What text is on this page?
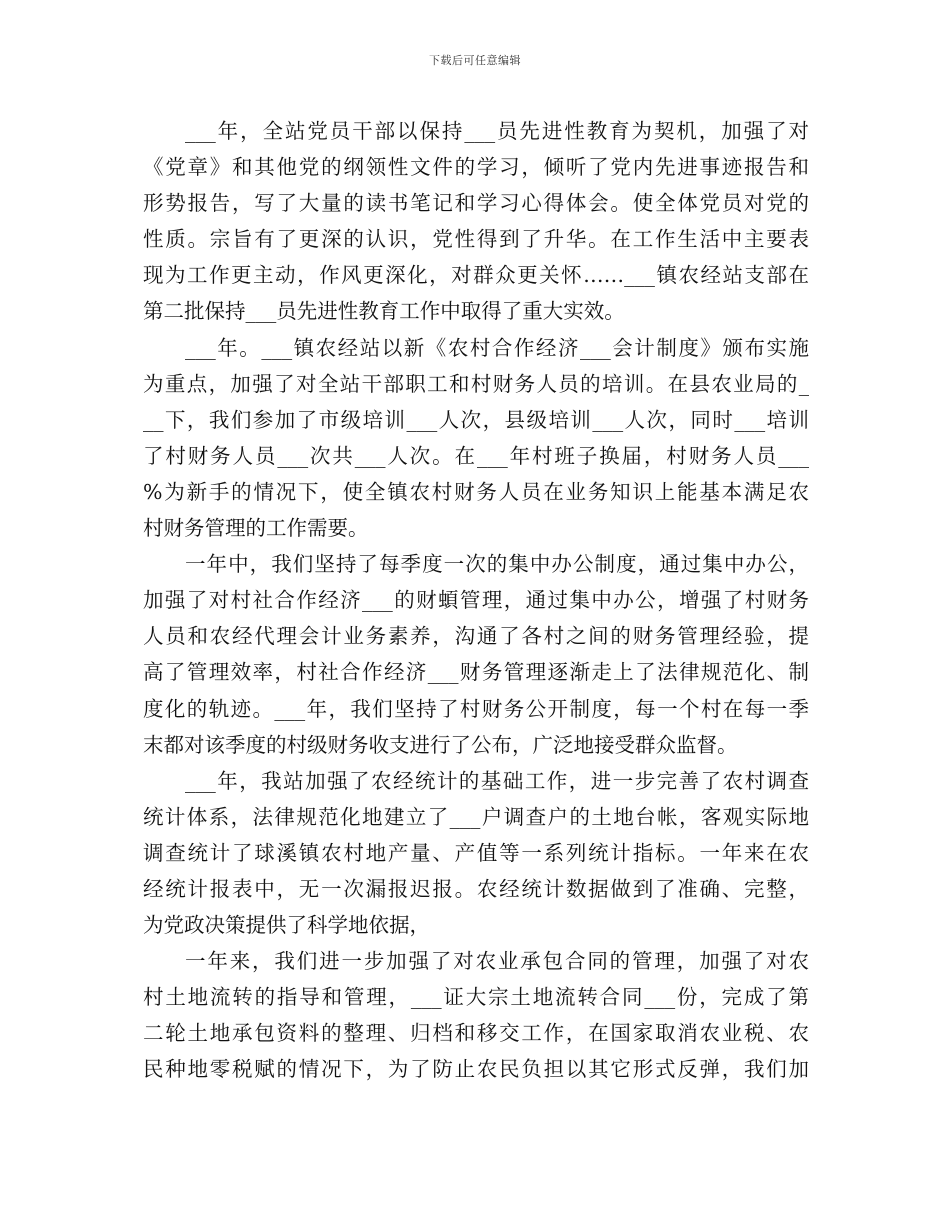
下载后可任意编辑
___年，全站党员干部以保持___员先进性教育为契机，加强了对
《党章》和其他党的纲领性文件的学习，倾听了党内先进事迹报告和
形势报告，写了大量的读书笔记和学习心得体会。使全体党员对党的
性质。宗旨有了更深的认识，党性得到了升华。在工作生活中主要表
现为工作更主动，作风更深化，对群众更关怀……___镇农经站支部在
第二批保持___员先进性教育工作中取得了重大实效。
___年。___镇农经站以新《农村合作经济___会计制度》颁布实施
为重点，加强了对全站干部职工和村财务人员的培训。在县农业局的_
__下，我们参加了市级培训___人次，县级培训___人次，同时___培训
了村财务人员___次共___人次。在___年村班子换届，村财务人员___
%为新手的情况下，使全镇农村财务人员在业务知识上能基本满足农
村财务管理的工作需要。
一年中，我们坚持了每季度一次的集中办公制度，通过集中办公，
加强了对村社合作经济___的财蝢管理，通过集中办公，增强了村财务
人员和农经代理会计业务素养，沟通了各村之间的财务管理经验，提
高了管理效率，村社合作经济___财务管理逐渐走上了法律规范化、制
度化的轨迹。___年，我们坚持了村财务公开制度，每一个村在每一季
末都对该季度的村级财务收支进行了公布，广泛地接受群众监督。
___年，我站加强了农经统计的基础工作，进一步完善了农村调查
统计体系，法律规范化地建立了___户调查户的土地台帐，客观实际地
调查统计了球溪镇农村地产量、产值等一系列统计指标。一年来在农
经统计报表中，无一次漏报迟报。农经统计数据做到了准确、完整，
为党政决策提供了科学地依据，
一年来，我们进一步加强了对农业承包合同的管理，加强了对农
村土地流转的指导和管理，___证大宗土地流转合同___份，完成了第
二轮土地承包资料的整理、归档和移交工作，在国家取消农业税、农
民种地零税赋的情况下，为了防止农民负担以其它形式反弹，我们加
